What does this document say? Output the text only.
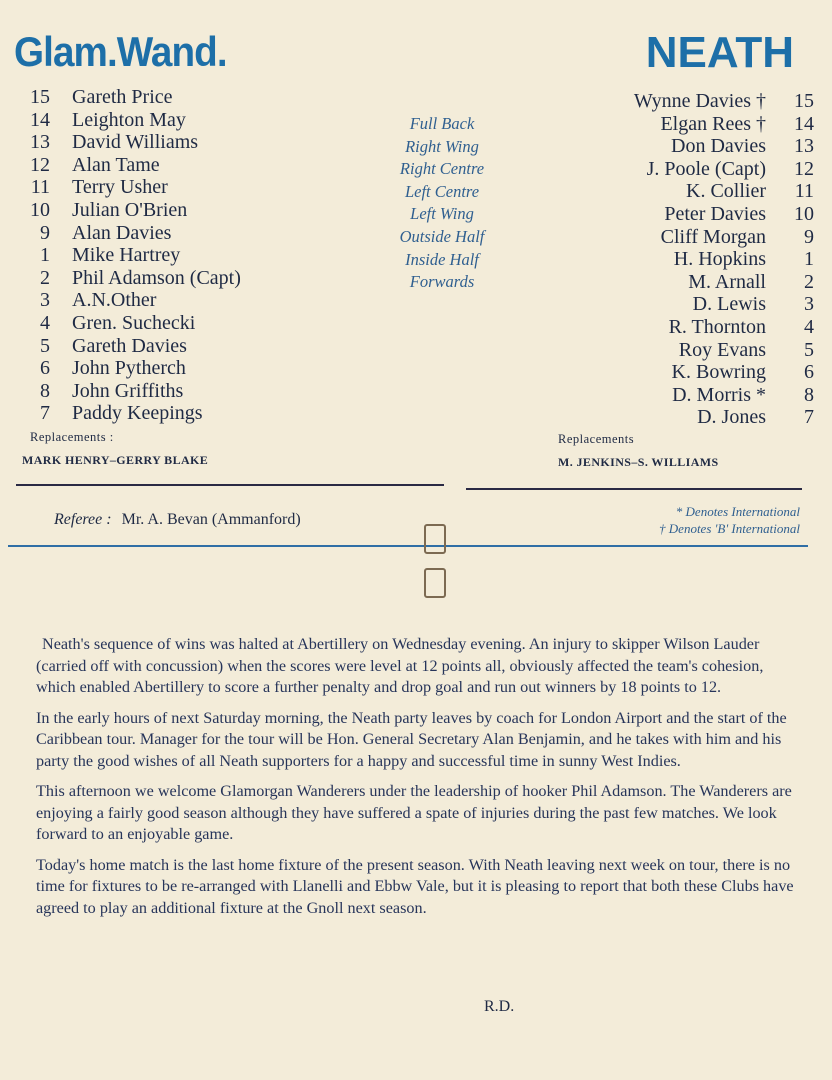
Glam.Wand.	NEATH
15 Gareth Price
14 Leighton May
13 David Williams
12 Alan Tame
11 Terry Usher
10 Julian O'Brien
9 Alan Davies
1 Mike Hartrey
2 Phil Adamson (Capt)
3 A.N.Other
4 Gren. Suchecki
5 Gareth Davies
6 John Pytherch
8 John Griffiths
7 Paddy Keepings
Full Back
Right Wing
Right Centre
Left Centre
Left Wing
Outside Half
Inside Half
Forwards
Wynne Davies † 15
Elgan Rees † 14
Don Davies 13
J. Poole (Capt) 12
K. Collier 11
Peter Davies 10
Cliff Morgan 9
H. Hopkins 1
M. Arnall 2
D. Lewis 3
R. Thornton 4
Roy Evans 5
K. Bowring 6
D. Morris * 8
D. Jones 7
Replacements :
MARK HENRY–GERRY BLAKE
Replacements
M. JENKINS–S. WILLIAMS
Referee : Mr. A. Bevan (Ammanford)	* Denotes International
† Denotes 'B' International

Neath's sequence of wins was halted at Abertillery on Wednesday evening. An injury to skipper Wilson Lauder (carried off with concussion) when the scores were level at 12 points all, obviously affected the team's cohesion, which enabled Abertillery to score a further penalty and drop goal and run out winners by 18 points to 12.

In the early hours of next Saturday morning, the Neath party leaves by coach for London Airport and the start of the Caribbean tour. Manager for the tour will be Hon. General Secretary Alan Benjamin, and he takes with him and his party the good wishes of all Neath supporters for a happy and successful time in sunny West Indies.

This afternoon we welcome Glamorgan Wanderers under the leadership of hooker Phil Adamson. The Wanderers are enjoying a fairly good season although they have suffered a spate of injuries during the past few matches. We look forward to an enjoyable game.

Today's home match is the last home fixture of the present season. With Neath leaving next week on tour, there is no time for fixtures to be re-arranged with Llanelli and Ebbw Vale, but it is pleasing to report that both these Clubs have agreed to play an additional fixture at the Gnoll next season.

R.D.
